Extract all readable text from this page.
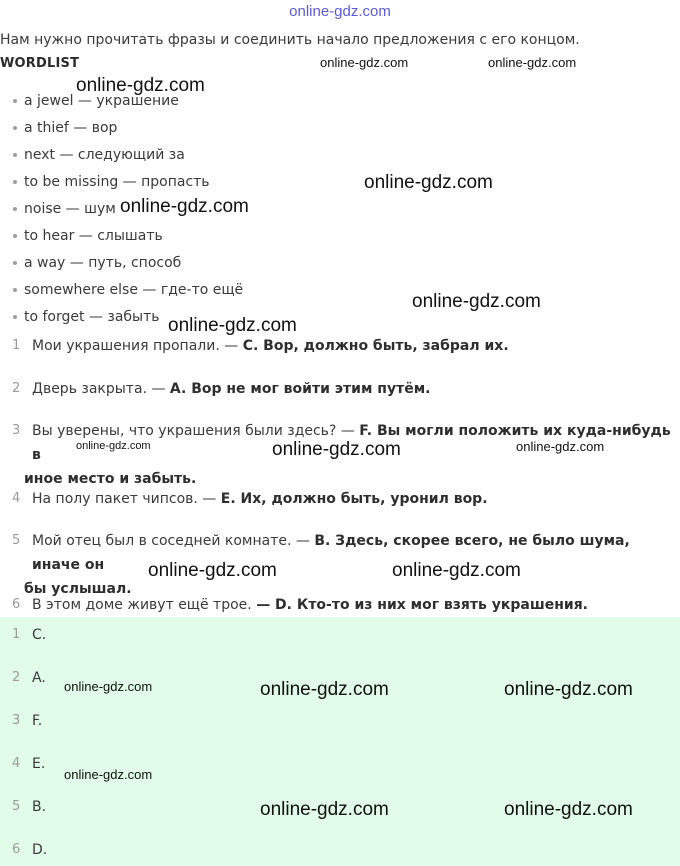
online-gdz.com
Нам нужно прочитать фразы и соединить начало предложения с его концом.
WORDLIST
a jewel — украшение
a thief — вор
next — следующий за
to be missing — пропасть
noise — шум
to hear — слышать
a way — путь, способ
somewhere else — где-то ещё
to forget — забыть
1 Мои украшения пропали. — C. Вор, должно быть, забрал их.
2 Дверь закрыта. — A. Вор не мог войти этим путём.
3 Вы уверены, что украшения были здесь? — F. Вы могли положить их куда-нибудь в
иное место и забыть.
4 На полу пакет чипсов. — E. Их, должно быть, уронил вор.
5 Мой отец был в соседней комнате. — B. Здесь, скорее всего, не было шума, иначе он
бы услышал.
6 В этом доме живут ещё трое. — D. Кто-то из них мог взять украшения.
1 C.
2 A.
3 F.
4 E.
5 B.
6 D.
online-gdz.com	online-gdz.com
online-gdz.com
online-gdz.com
online-gdz.com
online-gdz.com
online-gdz.com
online-gdz.com	online-gdz.com	online-gdz.com
online-gdz.com	online-gdz.com
online-gdz.com	online-gdz.com	online-gdz.com
online-gdz.com
online-gdz.com	online-gdz.com
